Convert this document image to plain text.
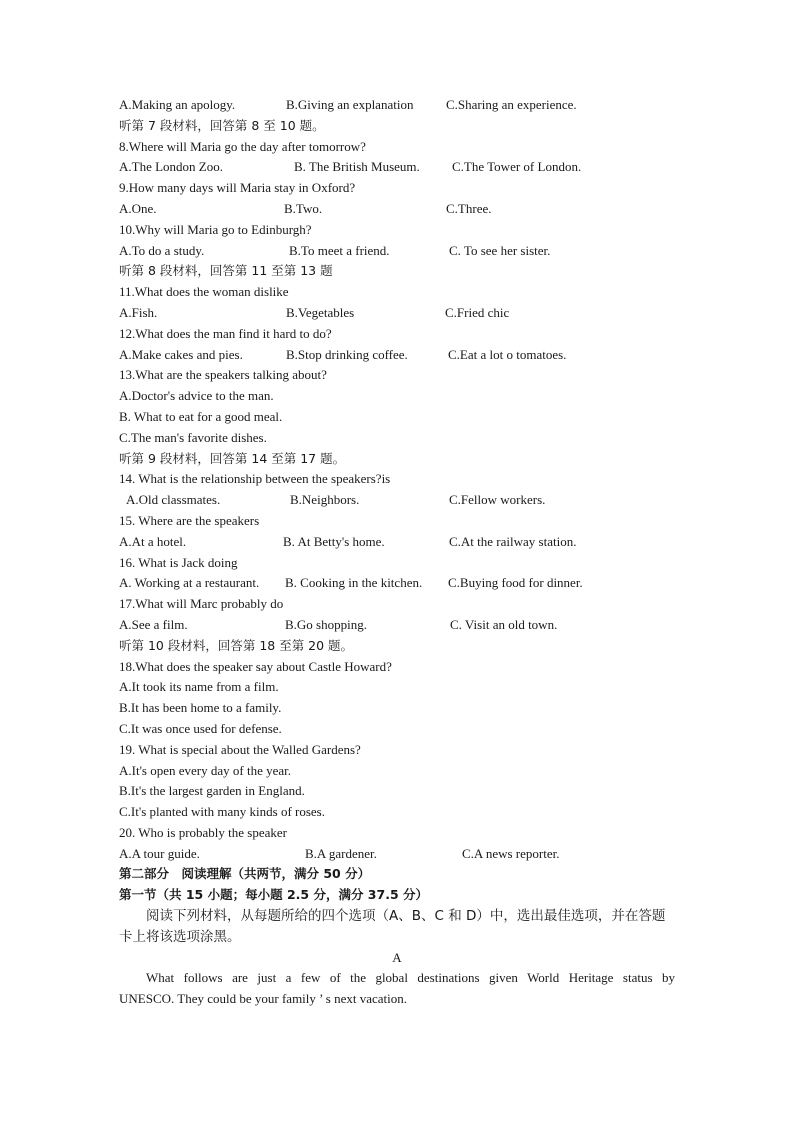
A.Making an apology.	B.Giving an explanation	C.Sharing an experience.
听第 7 段材料，回答第 8 至 10 题。
8.Where will Maria go the day after tomorrow?
A.The London Zoo.	B. The British Museum. C.The Tower of London.
9.How many days will Maria stay in Oxford?
A.One.	B.Two.	C.Three.
10.Why will Maria go to Edinburgh?
A.To do a study.	B.To meet a friend.	C. To see her sister.
听第 8 段材料，回答第 11 至第 13 题
11.What does the woman dislike
A.Fish.	B.Vegetables	C.Fried chic
12.What does the man find it hard to do?
A.Make cakes and pies.	B.Stop drinking coffee.	C.Eat a lot o tomatoes.
13.What are the speakers talking about?
A.Doctor's advice to the man.
B. What to eat for a good meal.
C.The man's favorite dishes.
听第 9 段材料，回答第 14 至第 17 题。
14. What is the relationship between the speakers?is
A.Old classmates.	B.Neighbors.	C.Fellow workers.
15. Where are the speakers
A.At a hotel.	B. At Betty's home.	C.At the railway station.
16. What is Jack doing
A. Working at a restaurant. B. Cooking in the kitchen. C.Buying food for dinner.
17.What will Marc probably do
A.See a film.	B.Go shopping.	C. Visit an old town.
听第 10 段材料，回答第 18 至第 20 题。
18.What does the speaker say about Castle Howard?
A.It took its name from a film.
B.It has been home to a family.
C.It was once used for defense.
19. What is special about the Walled Gardens?
A.It's open every day of the year.
B.It's the largest garden in England.
C.It's planted with many kinds of roses.
20. Who is probably the speaker
A.A tour guide.	B.A gardener.	C.A news reporter.
第二部分　阅读理解（共两节，满分 50 分）
第一节（共 15 小题；每小题 2.5 分，满分 37.5 分）
阅读下列材料，从每题所给的四个选项（A、B、C 和 D）中，选出最佳选项，并在答题卡上将该选项涂黑。
A
What follows are just a few of the global destinations given World Heritage status by
UNESCO. They could be your family ’ s next vacation.
